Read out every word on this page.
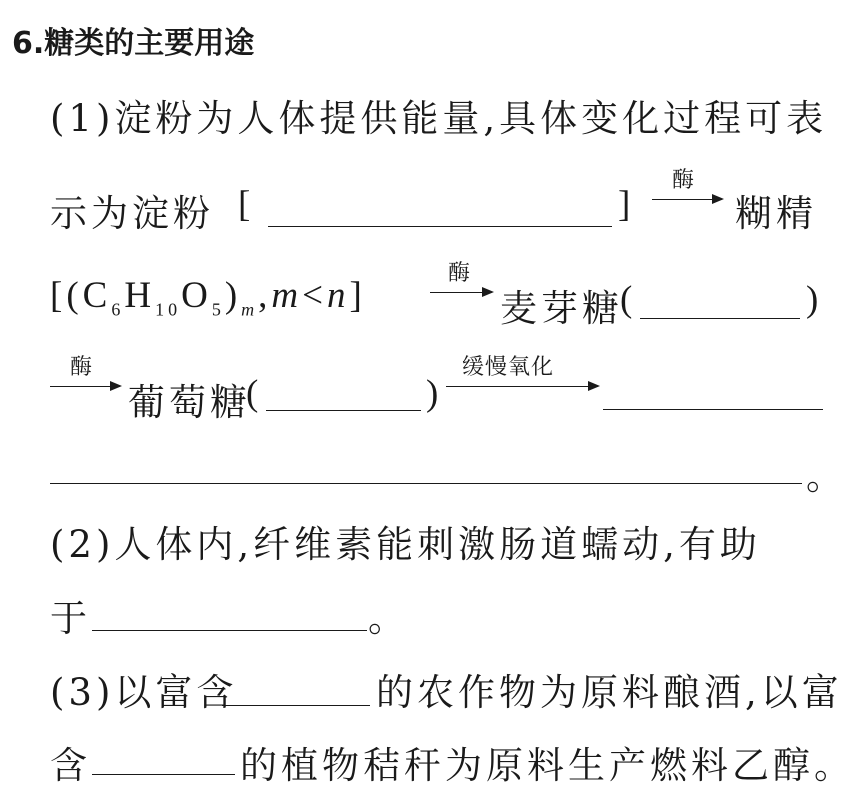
6.糖类的主要用途
(1)淀粉为人体提供能量,具体变化过程可表
示为淀粉 [	]
酶
糊精
$[(C_6H_{10}O_5)_m,m<n]$
酶
麦芽糖
(	)
酶
葡萄糖
(	)
缓慢氧化
。
(2)人体内,纤维素能刺激肠道蠕动,有助
于	。
(3)以富含	的农作物为原料酿酒,以富
含	的植物秸秆为原料生产燃料乙醇。
